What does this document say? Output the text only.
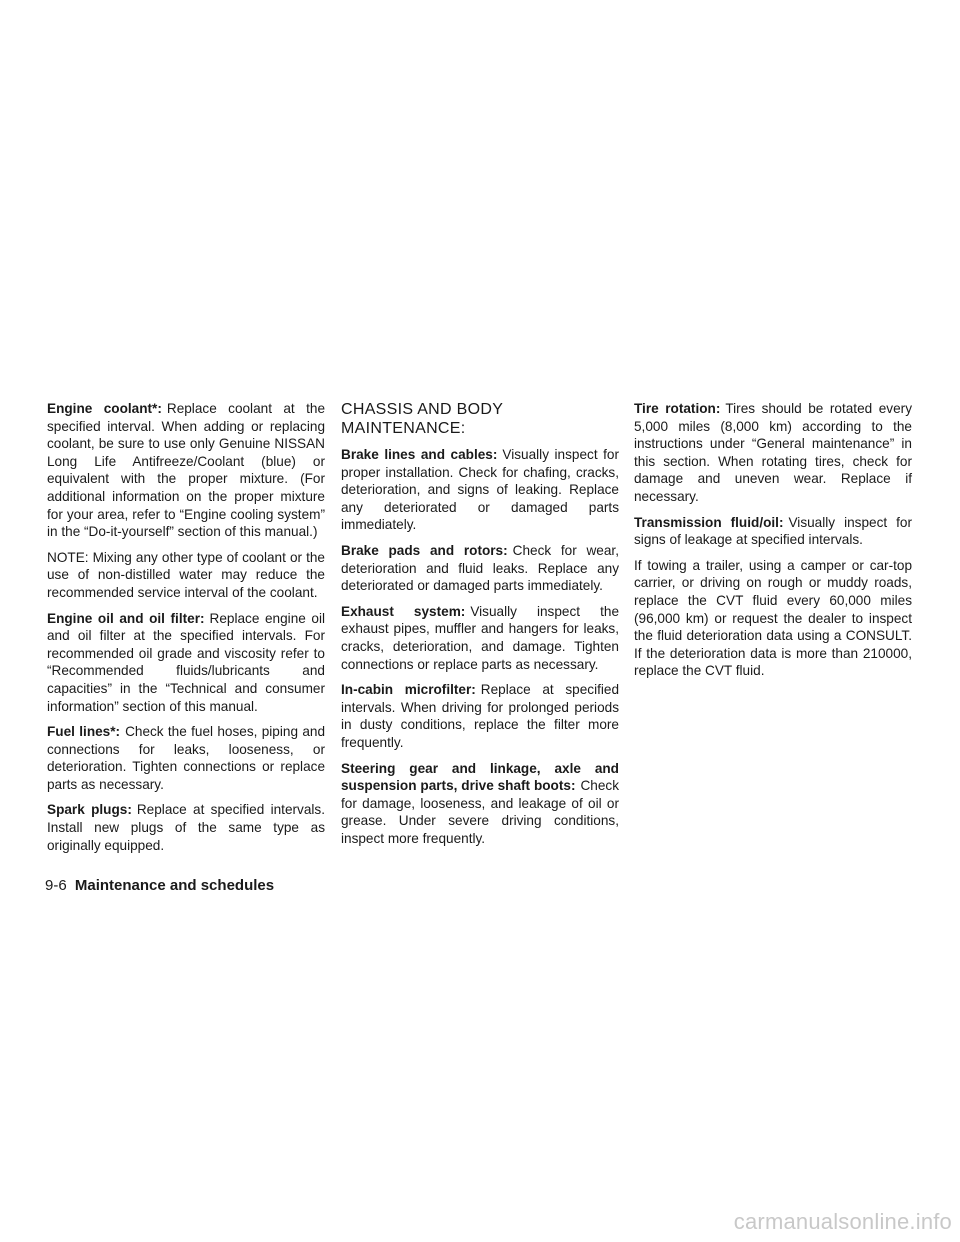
Engine coolant*: Replace coolant at the specified interval. When adding or replacing coolant, be sure to use only Genuine NISSAN Long Life Antifreeze/Coolant (blue) or equivalent with the proper mixture. (For additional information on the proper mixture for your area, refer to “Engine cooling system” in the “Do-it-yourself” section of this manual.)

NOTE: Mixing any other type of coolant or the use of non-distilled water may reduce the recommended service interval of the coolant.

Engine oil and oil filter: Replace engine oil and oil filter at the specified intervals. For recommended oil grade and viscosity refer to “Recommended fluids/lubricants and capacities” in the “Technical and consumer information” section of this manual.

Fuel lines*: Check the fuel hoses, piping and connections for leaks, looseness, or deterioration. Tighten connections or replace parts as necessary.

Spark plugs: Replace at specified intervals. Install new plugs of the same type as originally equipped.

CHASSIS AND BODY MAINTENANCE:

Brake lines and cables: Visually inspect for proper installation. Check for chafing, cracks, deterioration, and signs of leaking. Replace any deteriorated or damaged parts immediately.

Brake pads and rotors: Check for wear, deterioration and fluid leaks. Replace any deteriorated or damaged parts immediately.

Exhaust system: Visually inspect the exhaust pipes, muffler and hangers for leaks, cracks, deterioration, and damage. Tighten connections or replace parts as necessary.

In-cabin microfilter: Replace at specified intervals. When driving for prolonged periods in dusty conditions, replace the filter more frequently.

Steering gear and linkage, axle and suspension parts, drive shaft boots: Check for damage, looseness, and leakage of oil or grease. Under severe driving conditions, inspect more frequently.

Tire rotation: Tires should be rotated every 5,000 miles (8,000 km) according to the instructions under “General maintenance” in this section. When rotating tires, check for damage and uneven wear. Replace if necessary.

Transmission fluid/oil: Visually inspect for signs of leakage at specified intervals.

If towing a trailer, using a camper or car-top carrier, or driving on rough or muddy roads, replace the CVT fluid every 60,000 miles (96,000 km) or request the dealer to inspect the fluid deterioration data using a CONSULT. If the deterioration data is more than 210000, replace the CVT fluid.

9-6 Maintenance and schedules
carmanualsonline.info
